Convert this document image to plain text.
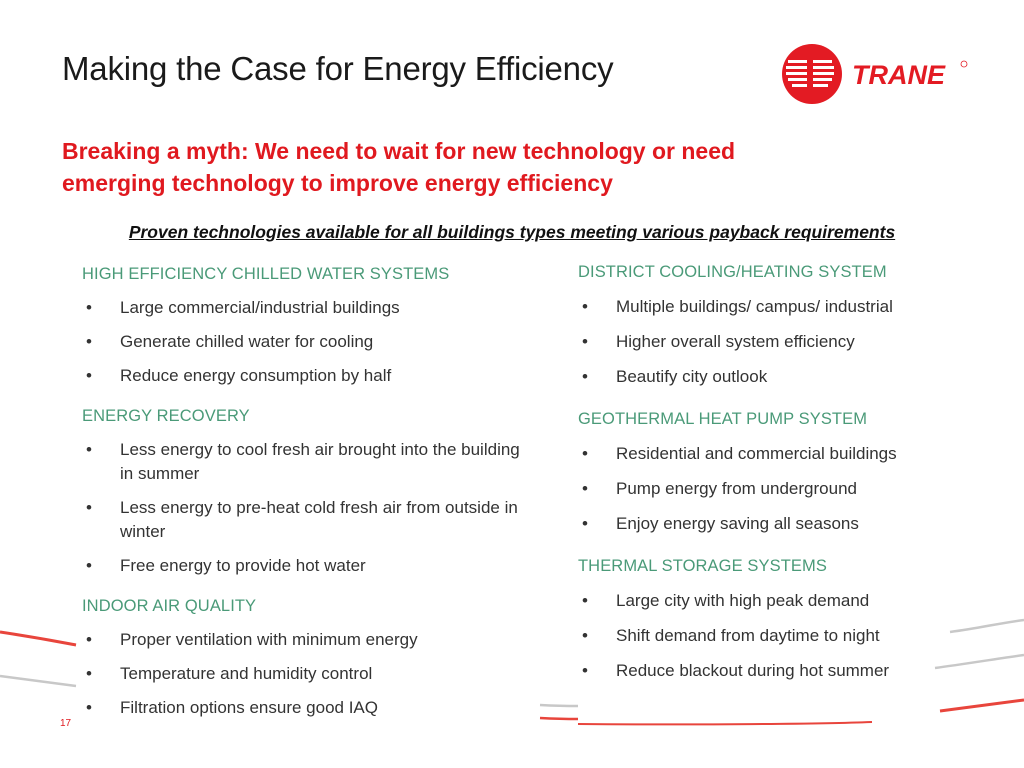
Making the Case for Energy Efficiency	TRANE
Breaking a myth: We need to wait for new technology or need emerging technology to improve energy efficiency
Proven technologies available for all buildings types meeting various payback requirements
HIGH EFFICIENCY CHILLED WATER SYSTEMS
• Large commercial/industrial buildings
• Generate chilled water for cooling
• Reduce energy consumption by half
ENERGY RECOVERY
• Less energy to cool fresh air brought into the building in summer
• Less energy to pre-heat cold fresh air from outside in winter
• Free energy to provide hot water
INDOOR AIR QUALITY
• Proper ventilation with minimum energy
• Temperature and humidity control
• Filtration options ensure good IAQ
DISTRICT COOLING/HEATING SYSTEM
• Multiple buildings/ campus/ industrial
• Higher overall system efficiency
• Beautify city outlook
GEOTHERMAL HEAT PUMP SYSTEM
• Residential and commercial buildings
• Pump energy from underground
• Enjoy energy saving all seasons
THERMAL STORAGE SYSTEMS
• Large city with high peak demand
• Shift demand from daytime to night
• Reduce blackout during hot summer
17
